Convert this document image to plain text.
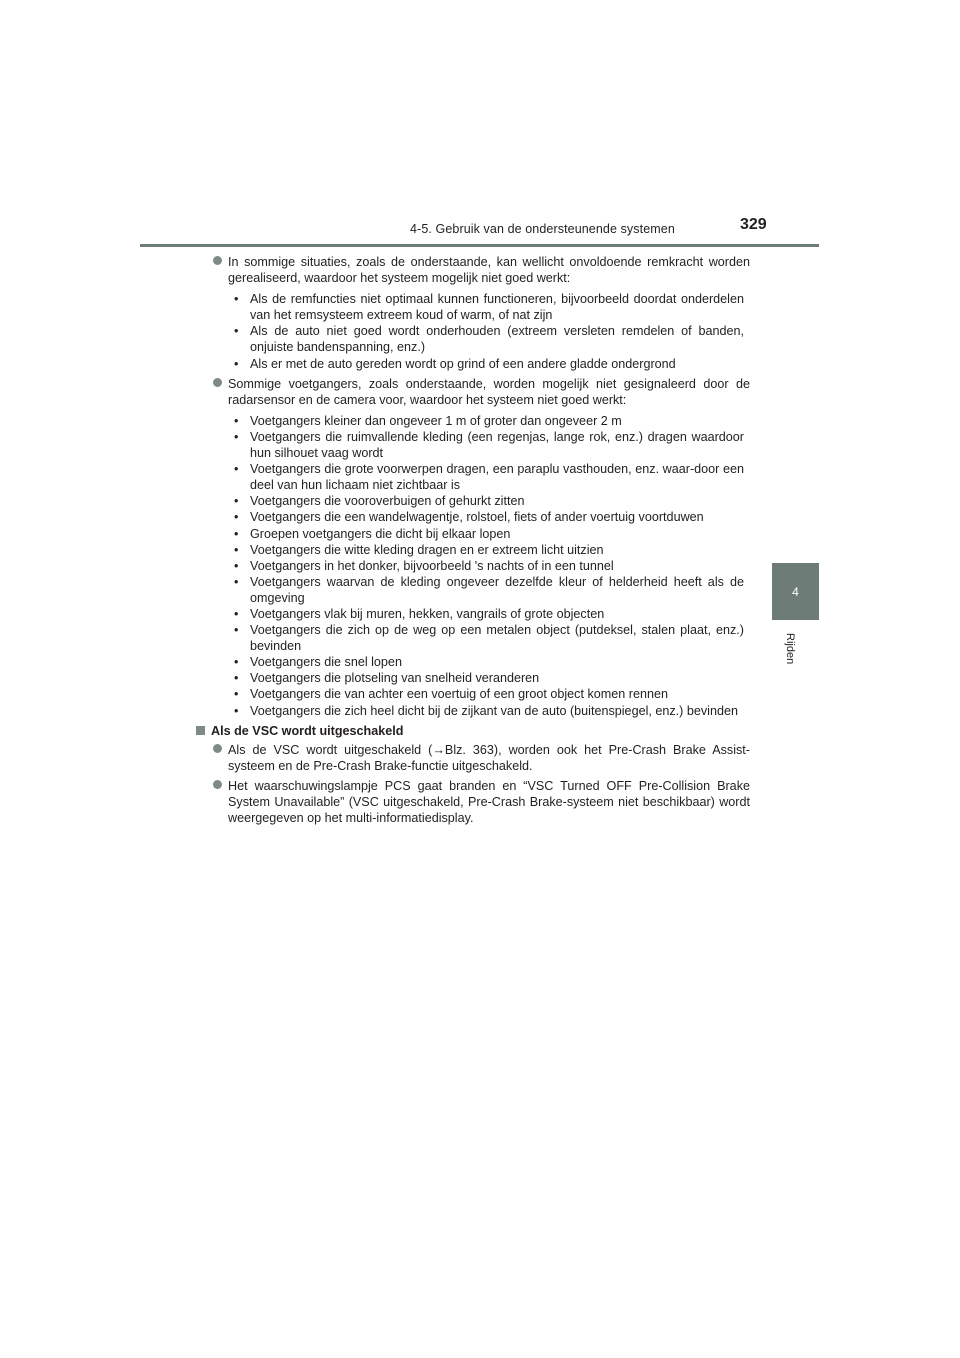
4-5. Gebruik van de ondersteunende systemen	329
4
Rijden

In sommige situaties, zoals de onderstaande, kan wellicht onvoldoende remkracht worden gerealiseerd, waardoor het systeem mogelijk niet goed werkt:

• Als de remfuncties niet optimaal kunnen functioneren, bijvoorbeeld doordat onderdelen van het remsysteem extreem koud of warm, of nat zijn
• Als de auto niet goed wordt onderhouden (extreem versleten remdelen of banden, onjuiste bandenspanning, enz.)
• Als er met de auto gereden wordt op grind of een andere gladde ondergrond

Sommige voetgangers, zoals onderstaande, worden mogelijk niet gesignaleerd door de radarsensor en de camera voor, waardoor het systeem niet goed werkt:

• Voetgangers kleiner dan ongeveer 1 m of groter dan ongeveer 2 m
• Voetgangers die ruimvallende kleding (een regenjas, lange rok, enz.) dragen waardoor hun silhouet vaag wordt
• Voetgangers die grote voorwerpen dragen, een paraplu vasthouden, enz. waar-door een deel van hun lichaam niet zichtbaar is
• Voetgangers die vooroverbuigen of gehurkt zitten
• Voetgangers die een wandelwagentje, rolstoel, fiets of ander voertuig voortduwen
• Groepen voetgangers die dicht bij elkaar lopen
• Voetgangers die witte kleding dragen en er extreem licht uitzien
• Voetgangers in het donker, bijvoorbeeld 's nachts of in een tunnel
• Voetgangers waarvan de kleding ongeveer dezelfde kleur of helderheid heeft als de omgeving
• Voetgangers vlak bij muren, hekken, vangrails of grote objecten
• Voetgangers die zich op de weg op een metalen object (putdeksel, stalen plaat, enz.) bevinden
• Voetgangers die snel lopen
• Voetgangers die plotseling van snelheid veranderen
• Voetgangers die van achter een voertuig of een groot object komen rennen
• Voetgangers die zich heel dicht bij de zijkant van de auto (buitenspiegel, enz.) bevinden
Als de VSC wordt uitgeschakeld

Als de VSC wordt uitgeschakeld (→Blz. 363), worden ook het Pre-Crash Brake Assist-systeem en de Pre-Crash Brake-functie uitgeschakeld.

Het waarschuwingslampje PCS gaat branden en “VSC Turned OFF Pre-Collision Brake System Unavailable” (VSC uitgeschakeld, Pre-Crash Brake-systeem niet beschikbaar) wordt weergegeven op het multi-informatiedisplay.
